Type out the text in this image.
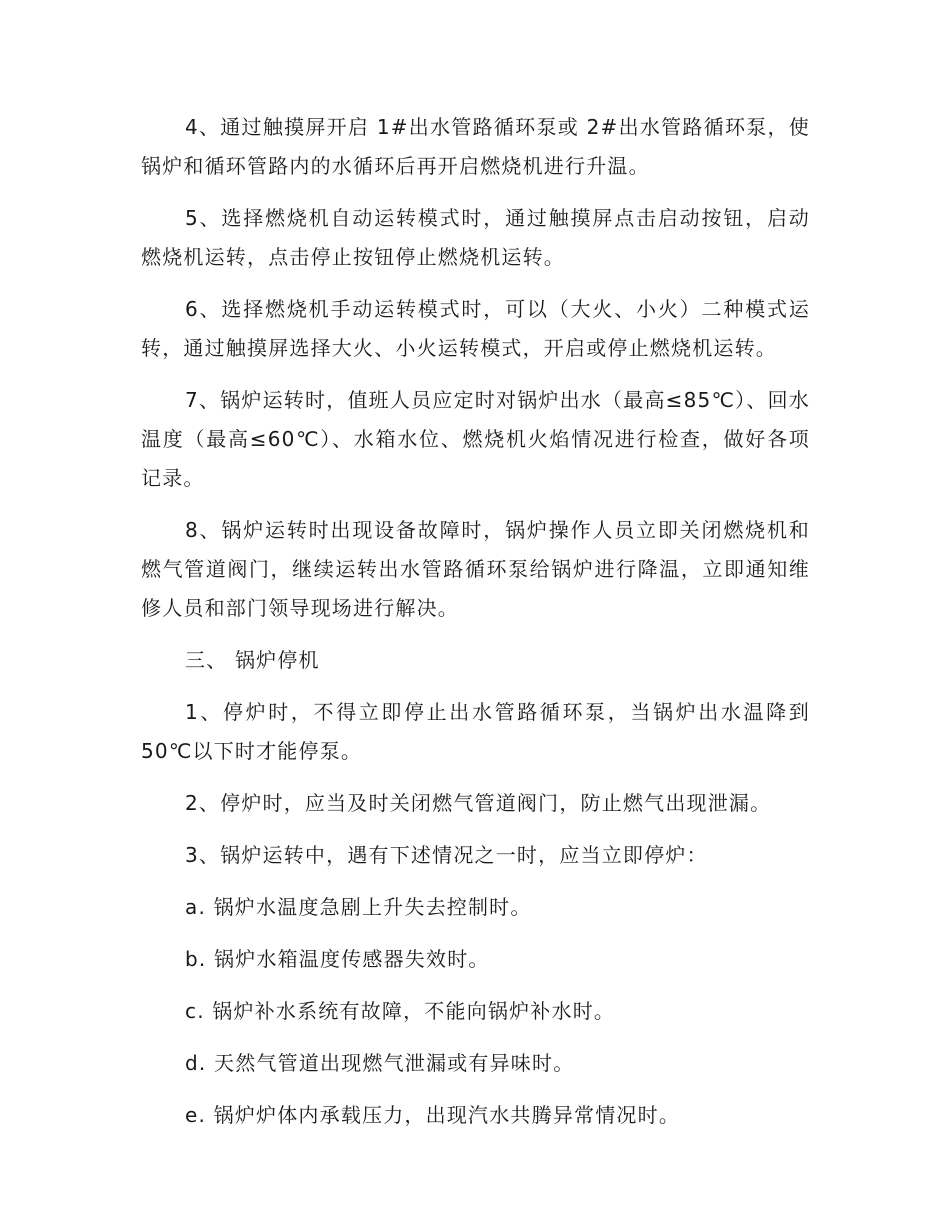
4、通过触摸屏开启 1#出水管路循环泵或 2#出水管路循环泵，使锅炉和循环管路内的水循环后再开启燃烧机进行升温。

5、选择燃烧机自动运转模式时，通过触摸屏点击启动按钮，启动燃烧机运转，点击停止按钮停止燃烧机运转。

6、选择燃烧机手动运转模式时，可以（大火、小火）二种模式运转，通过触摸屏选择大火、小火运转模式，开启或停止燃烧机运转。

7、锅炉运转时，值班人员应定时对锅炉出水（最高≤85℃）、回水温度（最高≤60℃）、水箱水位、燃烧机火焰情况进行检查，做好各项记录。

8、锅炉运转时出现设备故障时，锅炉操作人员立即关闭燃烧机和燃气管道阀门，继续运转出水管路循环泵给锅炉进行降温，立即通知维修人员和部门领导现场进行解决。

三、 锅炉停机

1、停炉时，不得立即停止出水管路循环泵，当锅炉出水温降到50℃以下时才能停泵。

2、停炉时，应当及时关闭燃气管道阀门，防止燃气出现泄漏。

3、锅炉运转中，遇有下述情况之一时，应当立即停炉：

a. 锅炉水温度急剧上升失去控制时。

b. 锅炉水箱温度传感器失效时。

c. 锅炉补水系统有故障，不能向锅炉补水时。

d. 天然气管道出现燃气泄漏或有异味时。

e. 锅炉炉体内承载压力，出现汽水共腾异常情况时。
